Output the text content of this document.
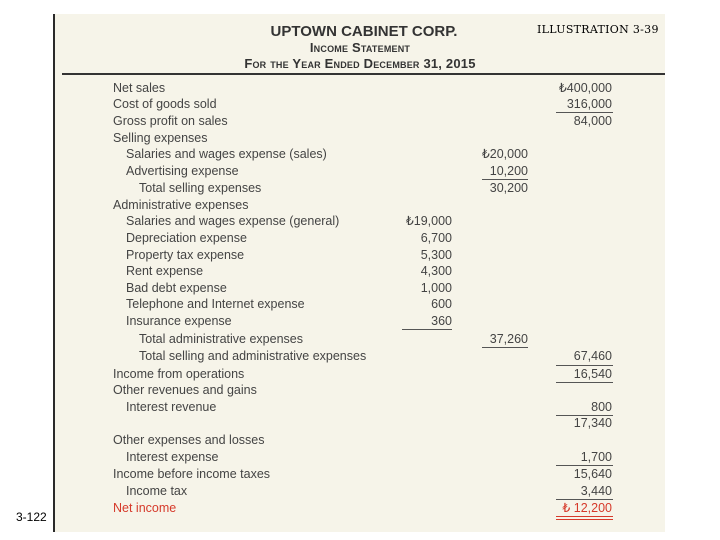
3-122
ILLUSTRATION 3-39
UPTOWN CABINET CORP.
Income Statement
For the Year Ended December 31, 2015
Net sales	₺400,000
Cost of goods sold	316,000
Gross profit on sales	84,000
Selling expenses
Salaries and wages expense (sales)	₺20,000
Advertising expense	10,200
Total selling expenses	30,200
Administrative expenses
Salaries and wages expense (general)	₺19,000
Depreciation expense	6,700
Property tax expense	5,300
Rent expense	4,300
Bad debt expense	1,000
Telephone and Internet expense	600
Insurance expense	360
Total administrative expenses	37,260
Total selling and administrative expenses	67,460
Income from operations	16,540
Other revenues and gains
Interest revenue	800
17,340
Other expenses and losses
Interest expense	1,700
Income before income taxes	15,640
Income tax	3,440
Net income	₺ 12,200
